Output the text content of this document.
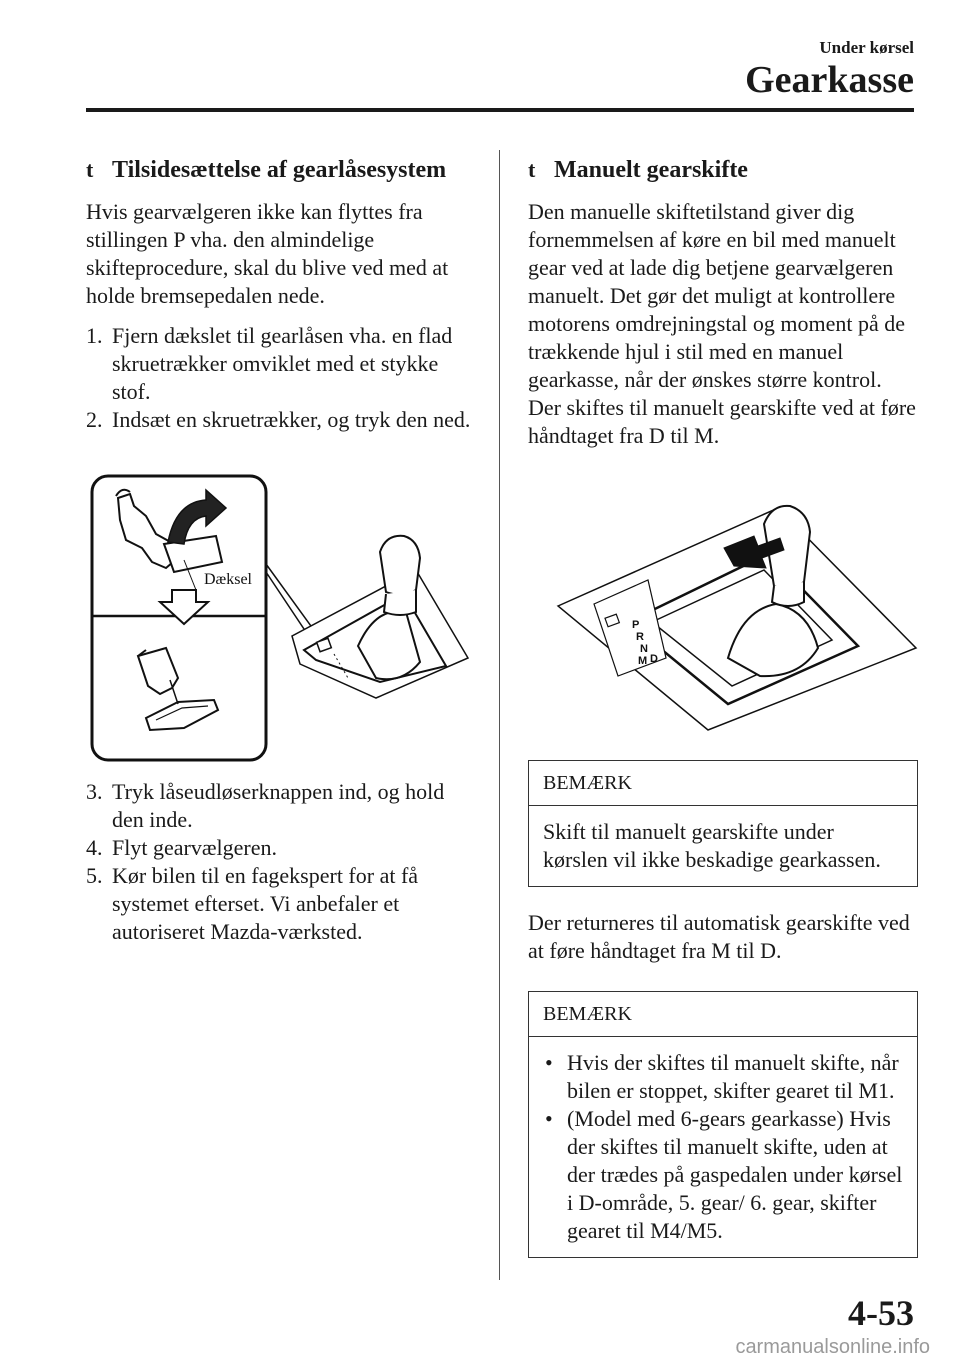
Under kørsel
Gearkasse
t Tilsidesættelse af gearlåsesystem

Hvis gearvælgeren ikke kan flyttes fra stillingen P vha. den almindelige skifteprocedure, skal du blive ved med at holde bremsepedalen nede.

1. Fjern dækslet til gearlåsen vha. en flad skruetrækker omviklet med et stykke stof.
2. Indsæt en skruetrækker, og tryk den ned.
Dæksel
3. Tryk låseudløserknappen ind, og hold den inde.
4. Flyt gearvælgeren.
5. Kør bilen til en fagekspert for at få systemet efterset. Vi anbefaler et autoriseret Mazda-værksted.
t Manuelt gearskifte

Den manuelle skiftetilstand giver dig fornemmelsen af køre en bil med manuelt gear ved at lade dig betjene gearvælgeren manuelt. Det gør det muligt at kontrollere motorens omdrejningstal og moment på de trækkende hjul i stil med en manuel gearkasse, når der ønskes større kontrol. Der skiftes til manuelt gearskifte ved at føre håndtaget fra D til M.

P
R
N
D
M
BEMÆRK
Skift til manuelt gearskifte under kørslen vil ikke beskadige gearkassen.

Der returneres til automatisk gearskifte ved at føre håndtaget fra M til D.

BEMÆRK
• Hvis der skiftes til manuelt skifte, når bilen er stoppet, skifter gearet til M1.
• (Model med 6-gears gearkasse) Hvis der skiftes til manuelt skifte, uden at der trædes på gaspedalen under kørsel i D-område, 5. gear/ 6. gear, skifter gearet til M4/M5.
4-53
carmanualsonline.info
